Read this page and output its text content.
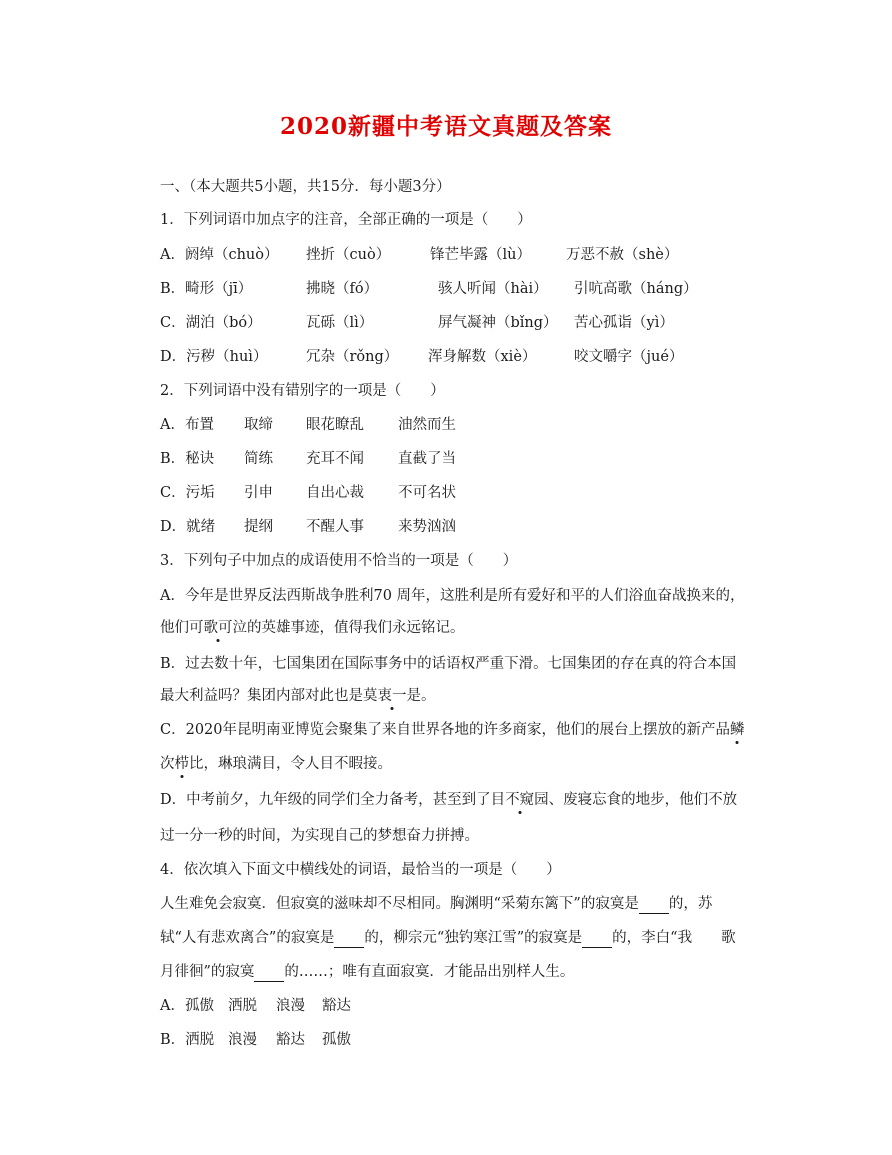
2020新疆中考语文真题及答案
一、（本大题共5小题，共15分．每小题3分）
1．下列词语巾加点字的注音，全部正确的一项是（　　）
A．阏绰（chuò） 挫折（cuò）	锋芒毕露（lù） 万恶不赦（shè）
B．畸形（jī）	拂晓（fó）	骇人听闻（hài） 引吭高歌（háng）
C．湖泊（bó）	瓦砾（lì）	屏气凝神（bǐng） 苦心孤诣（yì）
D．污秽（huì）	冗杂（rǒng） 浑身解数（xiè）	咬文嚼字（jué）
2．下列词语中没有错别字的一项是（　　）
A．布置 取缔 眼花瞭乱 油然而生
B．秘诀 简练 充耳不闻 直截了当
C．污垢 引申 自出心裁 不可名状
D．就绪 提纲 不醒人事 来势汹汹
3．下列句子中加点的成语使用不恰当的一项是（　　）
A．今年是世界反法西斯战争胜利70 周年，这胜利是所有爱好和平的人们浴血奋战换来的，
他们可歌可泣的英雄事迹，值得我们永远铭记。
B．过去数十年，七国集团在国际事务中的话语权严重下滑。七国集团的存在真的符合本国
最大利益吗？集团内部对此也是莫衷一是。
C．2020年昆明南亚博览会聚集了来自世界各地的许多商家，他们的展台上摆放的新产品鳞
次栉比，琳琅满目，令人目不暇接。
D．中考前夕，九年级的同学们全力备考，甚至到了目不窥园、废寝忘食的地步，他们不放
过一分一秒的时间，为实现自己的梦想奋力拼搏。
4．依次填入下面文中横线处的词语，最恰当的一项是（　　）
人生难免会寂寞．但寂寞的滋味却不尽相同。胸渊明“采菊东篱下”的寂寞是 的，苏
轼“人有悲欢离合”的寂寞是 的，柳宗元“独钓寒江雪”的寂寞是 的，李白“我　　歌
月徘徊”的寂寞 的……；唯有直面寂寞．才能品出别样人生。
A．孤傲 洒脱 浪漫 豁达
B．洒脱 浪漫 豁达 孤傲
